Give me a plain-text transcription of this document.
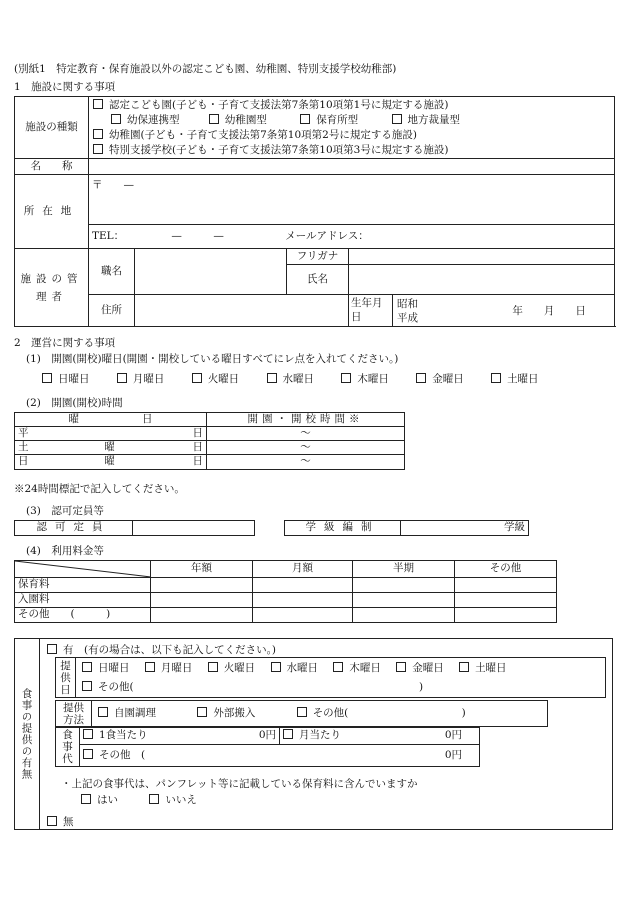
(別紙1　特定教育・保育施設以外の認定こども園、幼稚園、特別支援学校幼稚部)
1　施設に関する事項
施設の種類	認定こども園(子ども・子育て支援法第7条第10項第1号に規定する施設)
幼保連携型 幼稚園型 保育所型 地方裁量型
幼稚園(子ども・子育て支援法第7条第10項第2号に規定する施設)
特別支援学校(子ども・子育て支援法第7条第10項第3号に規定する施設)				

名　　称					
所在地	〒　　—				
	TEL：　　　　　—　　　— メールアドレス：				
施設の管理者	職名		フリガナ		
			氏名		
	住所			生年月日	昭和平成 年　　月　　日
2　運営に関する事項
(1)　開園(開校)曜日(開園・開校している曜日すべてにレ点を入れてください。)
日曜日	月曜日	火曜日	水曜日	木曜日	金曜日	土曜日
(2)　開園(開校)時間
曜　　　　　　日			開園・開校時間※
平		日	〜
土	曜	日	〜
日	曜	日	〜
※24時間標記で記入してください。
(3)　認可定員等
認可定員		学級編制	学級
(4)　利用料金等
	年額	月額	半期	その他
保育料				
入園料				
その他　　(　　　)				
食事の提供の有無
有　(有の場合は、以下も記入してください。)
提供日	
日曜日	月曜日	火曜日	水曜日	木曜日	金曜日	土曜日
その他(	)
提供方法	自園調理	外部搬入	その他(	)
食事代	1食当たり	0円	月当たり	0円

その他　(	0円
・上記の食事代は、パンフレット等に記載している保育料に含んでいますか
はい	いいえ
無
